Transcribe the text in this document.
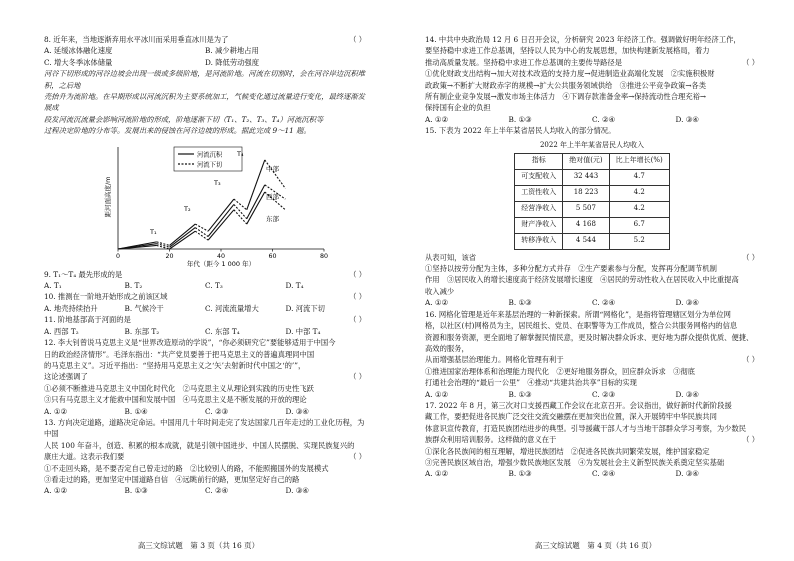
8. 近年来，当地逐渐弃用水平冰川而采用垂直冰川是为了	（ ）

A. 延缓冰体融化速度	B. 减少耕地占用
C. 增大冬季冰体储量	D. 降低劳动强度

河谷下切形成的河谷边坡会出现一级或多级阶地，是河流阶地。河流在切割时，会在河谷岸边沉积堆积，之后地

壳抬升为流阶地。在早期形成以河流沉积为主要系统加工，气候变化通过流量进行变化，最终逐渐发展成

段发河流沉流量会影响河流阶地的形成，阶地逐渐下切（T₁、T₂、T₃、T₄）河流沉积等

过程决定阶地的分布等。发展出来的侵蚀在河谷边坡的形成。据此完成 9～11 题。

距河面高度/m
年代（距今 1 000 年）
0	20	40	60	80
河流沉积
河流下切
T₁
T₂
T₃
T₄
中部
西部
东部

9. T₁～T₄ 最先形成的是	（ ）

A. T₁	B. T₂	C. T₃	D. T₄

10. 推测在一阶地开始形成之前该区域	（ ）

A. 地壳持续抬升	B. 气候冷干	C. 河流流量增大	D. 河流下切

11. 阶地基部高于河面的是	（ ）

A. 西部 T₂	B. 东部 T₂	C. 东部 T₄	D. 中部 T₄

12. 李大钊曾说马克思主义是“世界改造原动的学说”，“你必须研究它”要能够适用于中国今

日的政治经济情形”。毛泽东指出：“共产党员要善于把马克思主义的普遍真理同中国

的马克思主义”。习近平指出：“坚持用马克思主义之‘矢’去射新时代中国之‘的’”，

这论述强调了	（ ）

①必须不断推进马克思主义中国化时代化　 ②马克思主义从理论到实践的历史性飞跃

③只有马克思主义才能救中国和发展中国　 ④马克思主义是不断发展的开放的理论

A. ①②	B. ①④	C. ②③	D. ③④

13. 方向决定道路，道路决定命运。中国用几十年时间走完了发达国家几百年走过的工业化历程，为中国

人民 100 年奋斗，创造、积累的根本成就，就是引领中国进步、中国人民摆脱、实现民族复兴的

康庄大道。这表示我们要	（ ）

①不走回头路，是不要否定自己曾走过的路　 ②比较别人的路，不能照搬国外的发展模式

③看走过的路，更加坚定中国道路自信　 ④远眺前行的路，更加坚定好自己的路

A. ①②	B. ①③	C. ②④	D. ③④
高三文综试题　第 3 页（共 16 页）

14. 中共中央政治局 12 月 6 日召开会议，分析研究 2023 年经济工作。强调做好明年经济工作，

要坚持稳中求进工作总基调，坚持以人民为中心的发展思想，加快构建新发展格局，着力

推动高质量发展。坚持稳中求进工作总基调的主要传导路径是	（ ）

①优化财政支出结构→加大对技术改造的支持力度→促进制造业高端化发展　②实施积极财

政政策→不断扩大财政赤字的规模→扩大公共服务领域供给　③推进公平竞争政策→各类

所有制企业竞争发展→激发市场主体活力　④下调存款准备金率→保持流动性合理充裕→

保持国有企业的负担

A. ①②	B. ①③	C. ②④	D. ③④

15. 下表为 2022 年上半年某省居民人均收入的部分情况。

2022 年上半年某省居民人均收入		
指标	绝对值(元)	比上年增长(%)
可支配收入	32 443	4.7
工资性收入	18 223	4.2
经营净收入	5 507	4.2
财产净收入	4 168	6.7
转移净收入	4 544	5.2

从表可知，该省	（ ）

①坚持以按劳分配为主体，多种分配方式并存　②生产要素参与分配，发挥再分配调节机制

作用　③居民收入的增长速度高于经济发展增长速度　④居民的劳动性收入在居民收入中比重提高

收入减少

A. ①②	B. ①③	C. ②④	D. ③④

16. 网格化管理是近年来基层治理的一种新探索。所谓“网格化”，是指将管理辖区划分为单位网

格，以社区(村)网格员为主，居民组长、党员、在职警等为工作成员，整合公共服务网格内的信息

资源和服务资源，更全面地了解掌握民情民意，更及时解决群众诉求、更好地为群众提供优质、便捷、高效的服务，

从而增强基层治理能力。网格化管理有利于	（ ）

①推进国家治理体系和治理能力现代化　②更好地服务群众，回应群众诉求　③彻底

打通社会治理的“最后一公里”　④推动“共建共治共享”目标的实现

A. ①②	B. ①③	C. ②③	D. ③④

17. 2022 年 8 月，第三次对口支援西藏工作会议在北京召开。会议指出，做好新时代新阶段援

藏工作，要把促进各民族广泛交往交流交融摆在更加突出位置，深入开展铸牢中华民族共同

体意识宣传教育，打造民族团结进步的典型。引导援藏干部人才与当地干部群众学习考察，为少数民

族群众利用培训服务。这样做的意义在于	（ ）

①深化各民族间的相互理解，增进民族团结　②促进各民族共同繁荣发展，维护国家稳定

③完善民族区域自治，增强少数民族地区发展　④为发展社会主义新型民族关系奠定坚实基础

A. ①②	B. ①③	C. ②④	D. ③④
高三文综试题　第 4 页（共 16 页）
